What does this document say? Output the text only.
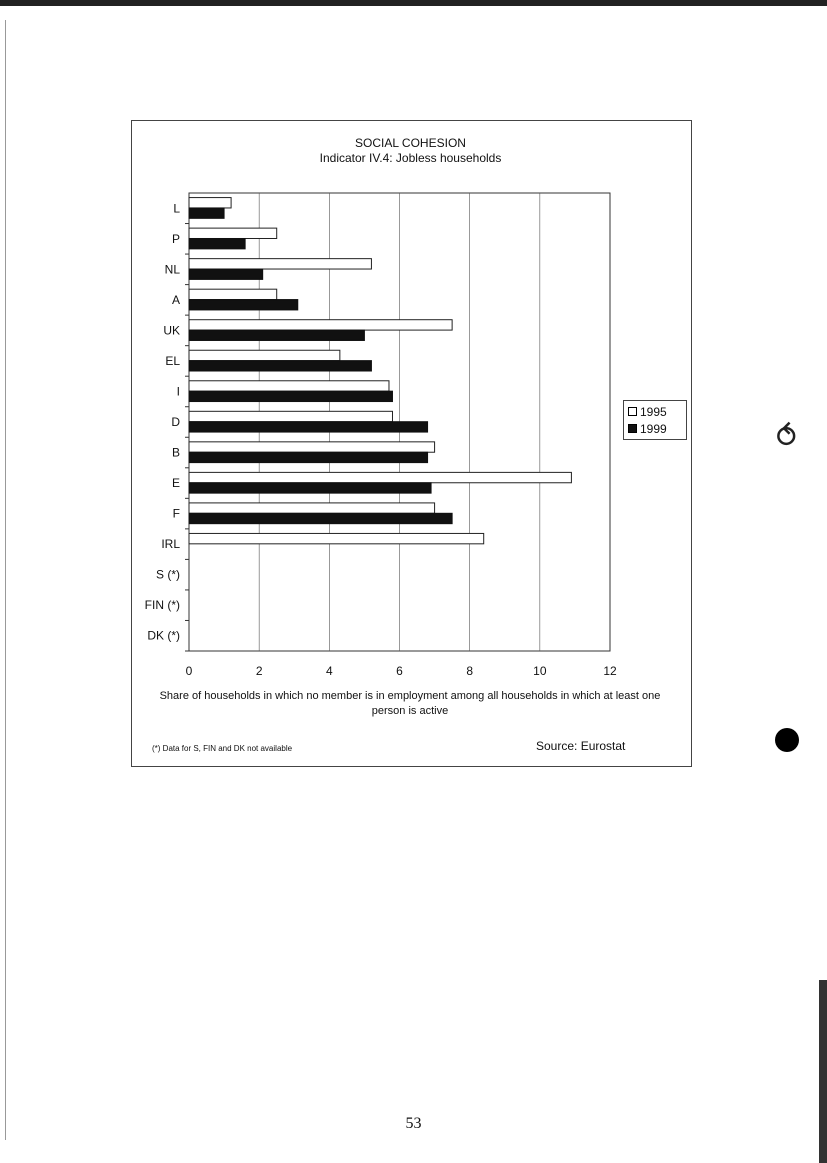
⥀
SOCIAL COHESION
Indicator IV.4: Jobless households
0	2	4	6	8	10	12
L
P
NL
A
UK
EL
I
D
B
E
F
IRL
S (*)
FIN (*)
DK (*)
1995
1999
Share of households in which no member is in employment among all households in which at least one person is active
(*) Data for S, FIN and DK not available	Source: Eurostat
53
